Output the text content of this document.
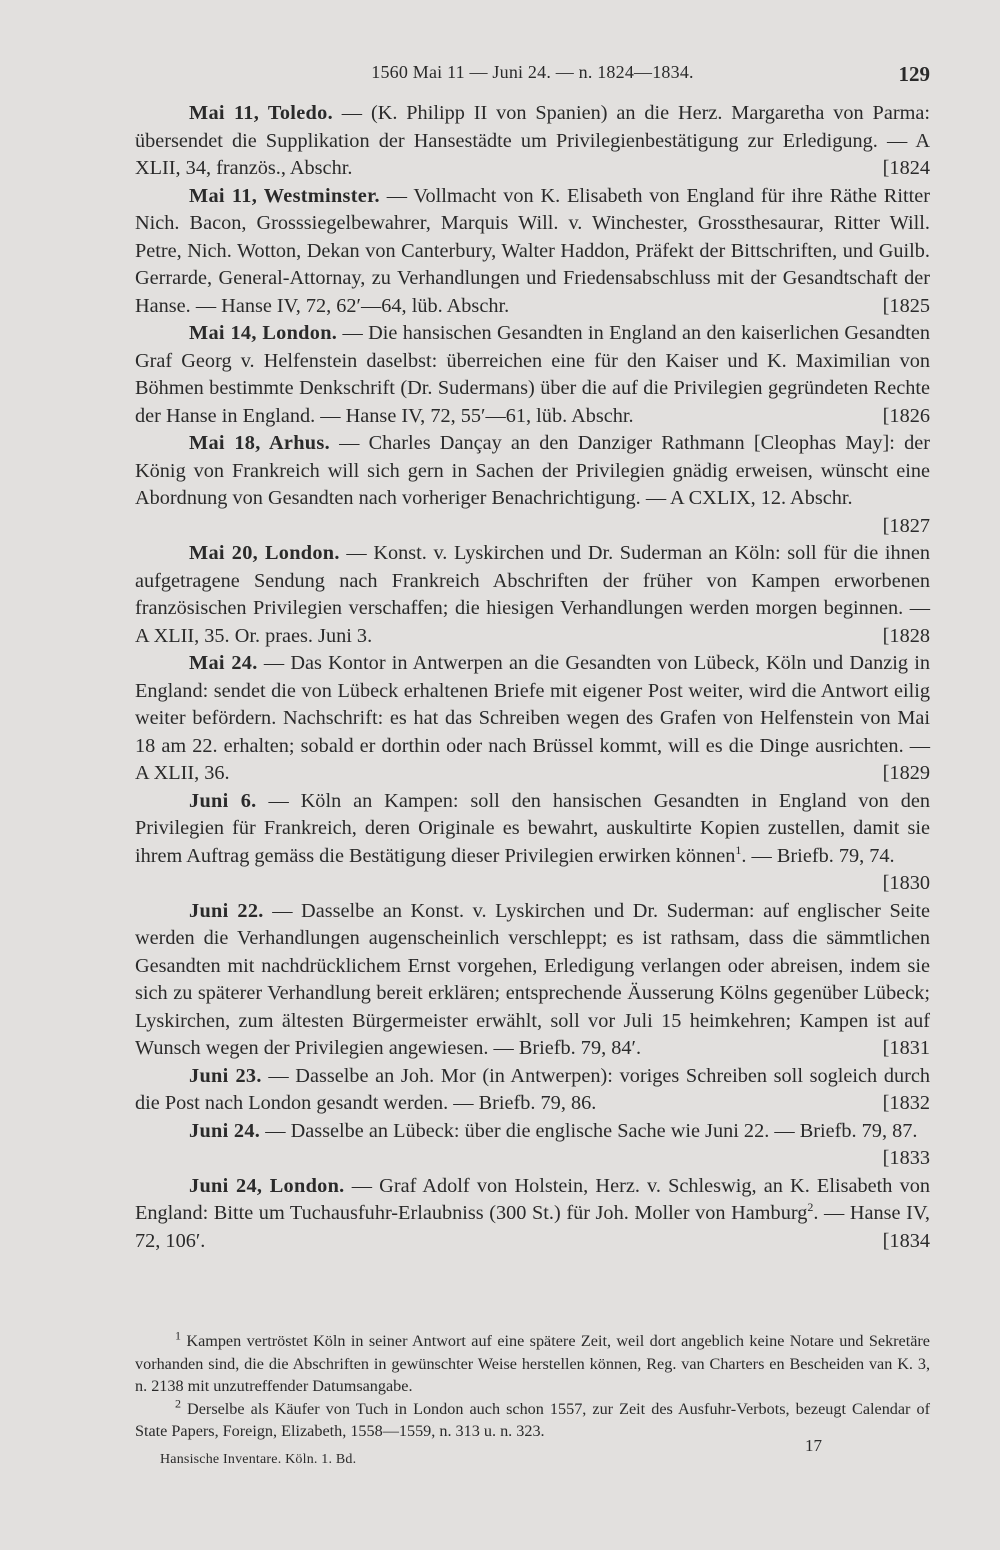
1560 Mai 11 — Juni 24. — n. 1824—1834.	129

Mai 11, Toledo. — (K. Philipp II von Spanien) an die Herz. Margaretha von Parma: übersendet die Supplikation der Hansestädte um Privilegienbestätigung zur Erledigung. — A XLII, 34, französ., Abschr.	[1824

Mai 11, Westminster. — Vollmacht von K. Elisabeth von England für ihre Räthe Ritter Nich. Bacon, Grosssiegelbewahrer, Marquis Will. v. Winchester, Grossthesaurar, Ritter Will. Petre, Nich. Wotton, Dekan von Canterbury, Walter Haddon, Präfekt der Bittschriften, und Guilb. Gerrarde, General-Attornay, zu Verhandlungen und Friedensabschluss mit der Gesandtschaft der Hanse. — Hanse IV, 72, 62′—64, lüb. Abschr.	[1825

Mai 14, London. — Die hansischen Gesandten in England an den kaiserlichen Gesandten Graf Georg v. Helfenstein daselbst: überreichen eine für den Kaiser und K. Maximilian von Böhmen bestimmte Denkschrift (Dr. Sudermans) über die auf die Privilegien gegründeten Rechte der Hanse in England. — Hanse IV, 72, 55′—61, lüb. Abschr.	[1826

Mai 18, Arhus. — Charles Dançay an den Danziger Rathmann [Cleophas May]: der König von Frankreich will sich gern in Sachen der Privilegien gnädig erweisen, wünscht eine Abordnung von Gesandten nach vorheriger Benachrichtigung. — A CXLIX, 12. Abschr.
[1827

Mai 20, London. — Konst. v. Lyskirchen und Dr. Suderman an Köln: soll für die ihnen aufgetragene Sendung nach Frankreich Abschriften der früher von Kampen erworbenen französischen Privilegien verschaffen; die hiesigen Verhandlungen werden morgen beginnen. — A XLII, 35. Or. praes. Juni 3.	[1828

Mai 24. — Das Kontor in Antwerpen an die Gesandten von Lübeck, Köln und Danzig in England: sendet die von Lübeck erhaltenen Briefe mit eigener Post weiter, wird die Antwort eilig weiter befördern. Nachschrift: es hat das Schreiben wegen des Grafen von Helfenstein von Mai 18 am 22. erhalten; sobald er dorthin oder nach Brüssel kommt, will es die Dinge ausrichten. — A XLII, 36.	[1829

Juni 6. — Köln an Kampen: soll den hansischen Gesandten in England von den Privilegien für Frankreich, deren Originale es bewahrt, auskultirte Kopien zustellen, damit sie ihrem Auftrag gemäss die Bestätigung dieser Privilegien erwirken können$^1$. — Briefb. 79, 74.
[1830

Juni 22. — Dasselbe an Konst. v. Lyskirchen und Dr. Suderman: auf englischer Seite werden die Verhandlungen augenscheinlich verschleppt; es ist rathsam, dass die sämmtlichen Gesandten mit nachdrücklichem Ernst vorgehen, Erledigung verlangen oder abreisen, indem sie sich zu späterer Verhandlung bereit erklären; entsprechende Äusserung Kölns gegenüber Lübeck; Lyskirchen, zum ältesten Bürgermeister erwählt, soll vor Juli 15 heimkehren; Kampen ist auf Wunsch wegen der Privilegien angewiesen. — Briefb. 79, 84′.	[1831

Juni 23. — Dasselbe an Joh. Mor (in Antwerpen): voriges Schreiben soll sogleich durch die Post nach London gesandt werden. — Briefb. 79, 86.	[1832

Juni 24. — Dasselbe an Lübeck: über die englische Sache wie Juni 22. — Briefb. 79, 87.
[1833

Juni 24, London. — Graf Adolf von Holstein, Herz. v. Schleswig, an K. Elisabeth von England: Bitte um Tuchausfuhr-Erlaubniss (300 St.) für Joh. Moller von Hamburg$^2$. — Hanse IV, 72, 106′.	[1834

$^1$ Kampen vertröstet Köln in seiner Antwort auf eine spätere Zeit, weil dort angeblich keine Notare und Sekretäre vorhanden sind, die die Abschriften in gewünschter Weise herstellen können, Reg. van Charters en Bescheiden van K. 3, n. 2138 mit unzutreffender Datumsangabe.

$^2$ Derselbe als Käufer von Tuch in London auch schon 1557, zur Zeit des Ausfuhr-Verbots, bezeugt Calendar of State Papers, Foreign, Elizabeth, 1558—1559, n. 313 u. n. 323.

Hansische Inventare. Köln. 1. Bd.
17
